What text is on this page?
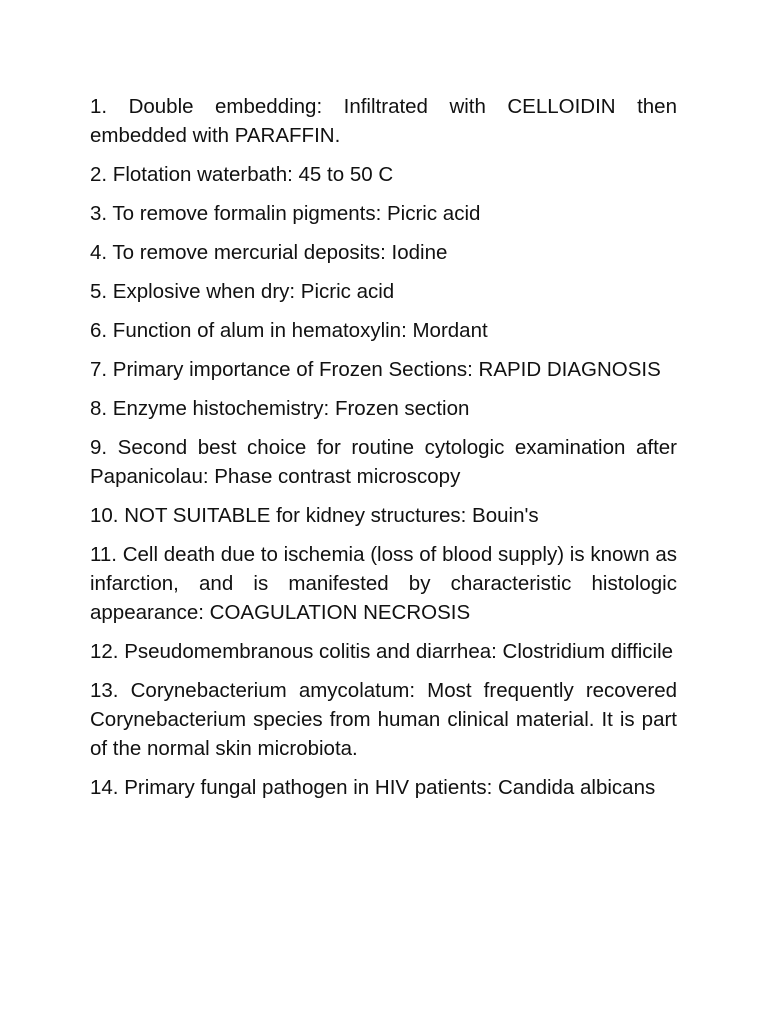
1. Double embedding: Infiltrated with CELLOIDIN then embedded with PARAFFIN.
2. Flotation waterbath: 45 to 50 C
3. To remove formalin pigments: Picric acid
4. To remove mercurial deposits: Iodine
5. Explosive when dry: Picric acid
6. Function of alum in hematoxylin: Mordant
7. Primary importance of Frozen Sections: RAPID DIAGNOSIS
8. Enzyme histochemistry: Frozen section
9. Second best choice for routine cytologic examination after Papanicolau: Phase contrast microscopy
10. NOT SUITABLE for kidney structures: Bouin's
11. Cell death due to ischemia (loss of blood supply) is known as infarction, and is manifested by characteristic histologic appearance: COAGULATION NECROSIS
12. Pseudomembranous colitis and diarrhea: Clostridium difficile
13. Corynebacterium amycolatum: Most frequently recovered Corynebacterium species from human clinical material. It is part of the normal skin microbiota.
14. Primary fungal pathogen in HIV patients: Candida albicans
